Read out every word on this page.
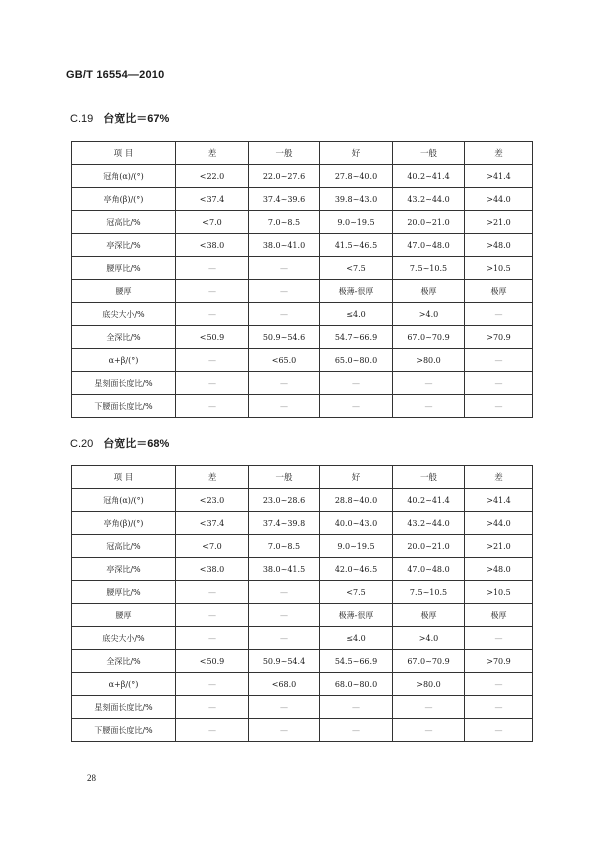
GB/T 16554—2010
C.19 台宽比＝67%
项 目	差	一般	好	一般	差
冠角(α)/(°)	<22.0	22.0~27.6	27.8~40.0	40.2~41.4	>41.4
亭角(β)/(°)	<37.4	37.4~39.6	39.8~43.0	43.2~44.0	>44.0
冠高比/%	<7.0	7.0~8.5	9.0~19.5	20.0~21.0	>21.0
亭深比/%	<38.0	38.0~41.0	41.5~46.5	47.0~48.0	>48.0
腰厚比/%	—	—	<7.5	7.5~10.5	>10.5
腰厚	—	—	极薄-很厚	极厚	极厚
底尖大小/%	—	—	≤4.0	>4.0	—
全深比/%	<50.9	50.9~54.6	54.7~66.9	67.0~70.9	>70.9
α+β/(°)	—	<65.0	65.0~80.0	>80.0	—
星刻面长度比/%	—	—	—	—	—
下腰面长度比/%	—	—	—	—	—
C.20 台宽比＝68%
项 目	差	一般	好	一般	差
冠角(α)/(°)	<23.0	23.0~28.6	28.8~40.0	40.2~41.4	>41.4
亭角(β)/(°)	<37.4	37.4~39.8	40.0~43.0	43.2~44.0	>44.0
冠高比/%	<7.0	7.0~8.5	9.0~19.5	20.0~21.0	>21.0
亭深比/%	<38.0	38.0~41.5	42.0~46.5	47.0~48.0	>48.0
腰厚比/%	—	—	<7.5	7.5~10.5	>10.5
腰厚	—	—	极薄-很厚	极厚	极厚
底尖大小/%	—	—	≤4.0	>4.0	—
全深比/%	<50.9	50.9~54.4	54.5~66.9	67.0~70.9	>70.9
α+β/(°)	—	<68.0	68.0~80.0	>80.0	—
星刻面长度比/%	—	—	—	—	—
下腰面长度比/%	—	—	—	—	—
28
